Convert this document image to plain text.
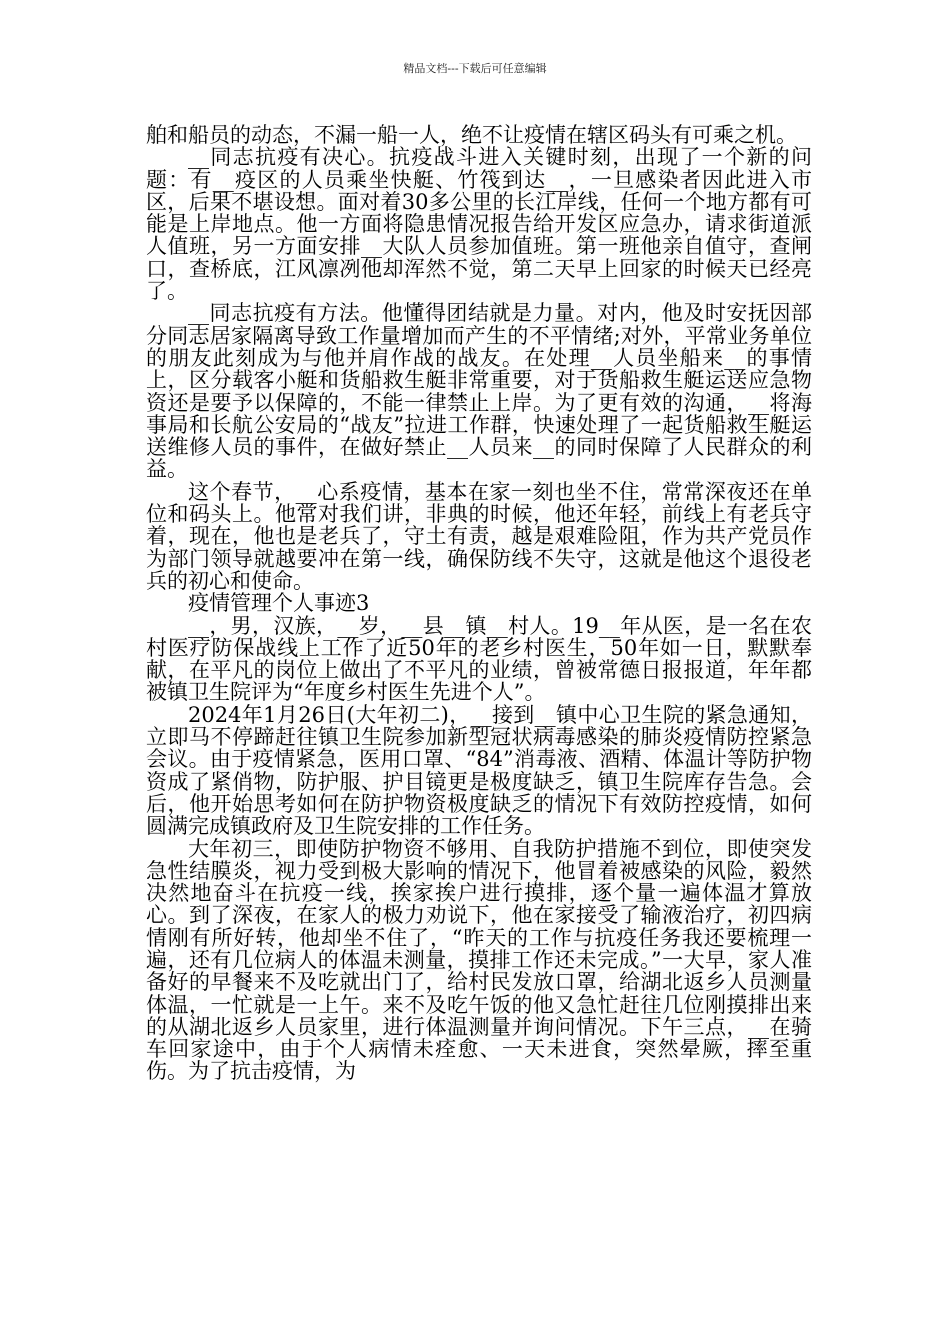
精品文档---下载后可任意编辑

舶和船员的动态，不漏一船一人，绝不让疫情在辖区码头有可乘之机。

__同志抗疫有决心。抗疫战斗进入关键时刻，出现了一个新的问题：有__疫区的人员乘坐快艇、竹筏到达__，一旦感染者因此进入市区，后果不堪设想。面对着30多公里的长江岸线，任何一个地方都有可能是上岸地点。他一方面将隐患情况报告给开发区应急办，请求街道派人值班，另一方面安排__大队人员参加值班。第一班他亲自值守，查闸口，查桥底，江风凛冽他却浑然不觉，第二天早上回家的时候天已经亮了。

__同志抗疫有方法。他懂得团结就是力量。对内，他及时安抚因部分同志居家隔离导致工作量增加而产生的不平情绪;对外，平常业务单位的朋友此刻成为与他并肩作战的战友。在处理__人员坐船来__的事情上，区分载客小艇和货船救生艇非常重要，对于货船救生艇运送应急物资还是要予以保障的，不能一律禁止上岸。为了更有效的沟通，__将海事局和长航公安局的“战友”拉进工作群，快速处理了一起货船救生艇运送维修人员的事件，在做好禁止__人员来__的同时保障了人民群众的利益。

这个春节，__心系疫情，基本在家一刻也坐不住，常常深夜还在单位和码头上。他常对我们讲，非典的时候，他还年轻，前线上有老兵守着，现在，他也是老兵了，守土有责，越是艰难险阻，作为共产党员作为部门领导就越要冲在第一线，确保防线不失守，这就是他这个退役老兵的初心和使命。

疫情管理个人事迹3

__，男，汉族，__岁，__县__镇__村人。19__年从医，是一名在农村医疗防保战线上工作了近50年的老乡村医生，50年如一日，默默奉献，在平凡的岗位上做出了不平凡的业绩，曾被常德日报报道，年年都被镇卫生院评为“年度乡村医生先进个人”。

2024年1月26日(大年初二)，__接到__镇中心卫生院的紧急通知，立即马不停蹄赶往镇卫生院参加新型冠状病毒感染的肺炎疫情防控紧急会议。由于疫情紧急，医用口罩、“84”消毒液、酒精、体温计等防护物资成了紧俏物，防护服、护目镜更是极度缺乏，镇卫生院库存告急。会后，他开始思考如何在防护物资极度缺乏的情况下有效防控疫情，如何圆满完成镇政府及卫生院安排的工作任务。

大年初三，即使防护物资不够用、自我防护措施不到位，即使突发急性结膜炎，视力受到极大影响的情况下，他冒着被感染的风险，毅然决然地奋斗在抗疫一线，挨家挨户进行摸排，逐个量一遍体温才算放心。到了深夜，在家人的极力劝说下，他在家接受了输液治疗，初四病情刚有所好转，他却坐不住了，“昨天的工作与抗疫任务我还要梳理一遍，还有几位病人的体温未测量，摸排工作还未完成。”一大早，家人准备好的早餐来不及吃就出门了，给村民发放口罩，给湖北返乡人员测量体温，一忙就是一上午。来不及吃午饭的他又急忙赶往几位刚摸排出来的从湖北返乡人员家里，进行体温测量并询问情况。下午三点，__在骑车回家途中，由于个人病情未痊愈、一天未进食，突然晕厥，摔至重伤。为了抗击疫情，为
